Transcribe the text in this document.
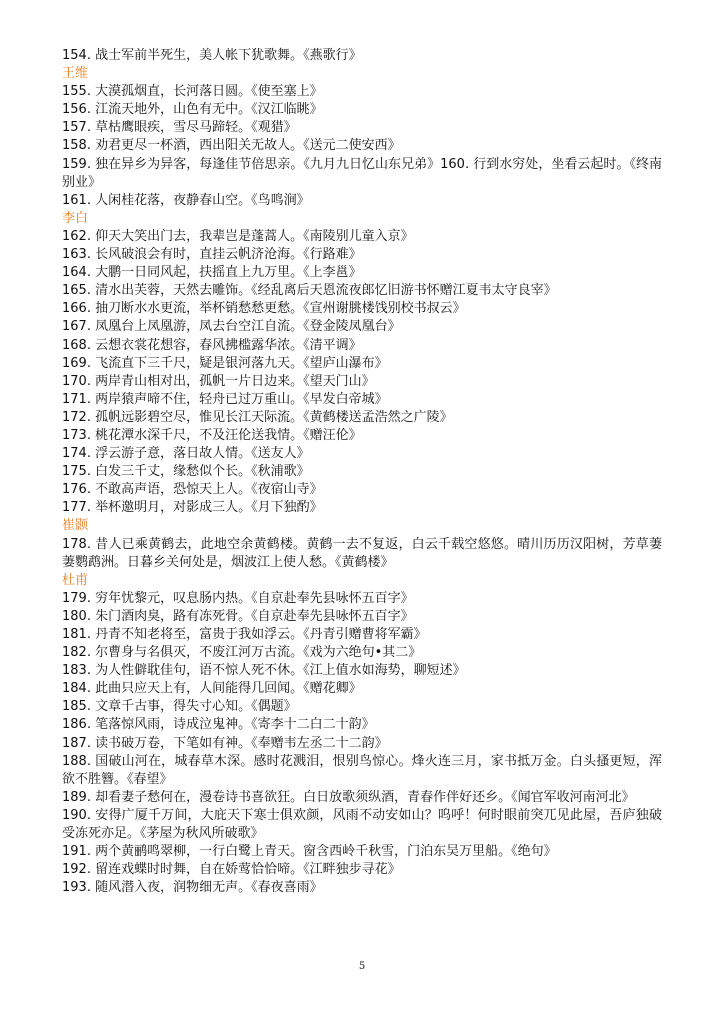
154. 战士军前半死生，美人帐下犹歌舞。《燕歌行》
王维
155. 大漠孤烟直，长河落日圆。《使至塞上》
156. 江流天地外，山色有无中。《汉江临眺》
157. 草枯鹰眼疾，雪尽马蹄轻。《观猎》
158. 劝君更尽一杯酒，西出阳关无故人。《送元二使安西》
159. 独在异乡为异客，每逢佳节倍思亲。《九月九日忆山东兄弟》160. 行到水穷处，坐看云起时。《终南别业》
161. 人闲桂花落，夜静春山空。《鸟鸣涧》
李白
162. 仰天大笑出门去，我辈岂是蓬蒿人。《南陵别儿童入京》
163. 长风破浪会有时，直挂云帆济沧海。《行路难》
164. 大鹏一日同风起，扶摇直上九万里。《上李邕》
165. 清水出芙蓉，天然去雕饰。《经乱离后天恩流夜郎忆旧游书怀赠江夏韦太守良宰》
166. 抽刀断水水更流，举杯销愁愁更愁。《宣州谢朓楼饯别校书叔云》
167. 凤凰台上凤凰游，凤去台空江自流。《登金陵凤凰台》
168. 云想衣裳花想容，春风拂槛露华浓。《清平调》
169. 飞流直下三千尺，疑是银河落九天。《望庐山瀑布》
170. 两岸青山相对出，孤帆一片日边来。《望天门山》
171. 两岸猿声啼不住，轻舟已过万重山。《早发白帝城》
172. 孤帆远影碧空尽，惟见长江天际流。《黄鹤楼送孟浩然之广陵》
173. 桃花潭水深千尺，不及汪伦送我情。《赠汪伦》
174. 浮云游子意，落日故人情。《送友人》
175. 白发三千丈，缘愁似个长。《秋浦歌》
176. 不敢高声语，恐惊天上人。《夜宿山寺》
177. 举杯邀明月，对影成三人。《月下独酌》
崔颢
178. 昔人已乘黄鹤去，此地空余黄鹤楼。黄鹤一去不复返，白云千载空悠悠。晴川历历汉阳树，芳草萋萋鹦鹉洲。日暮乡关何处是，烟波江上使人愁。《黄鹤楼》
杜甫
179. 穷年忧黎元，叹息肠内热。《自京赴奉先县咏怀五百字》
180. 朱门酒肉臭，路有冻死骨。《自京赴奉先县咏怀五百字》
181. 丹青不知老将至，富贵于我如浮云。《丹青引赠曹将军霸》
182. 尔曹身与名俱灭，不废江河万古流。《戏为六绝句•其二》
183. 为人性僻耽佳句，语不惊人死不休。《江上值水如海势，聊短述》
184. 此曲只应天上有，人间能得几回闻。《赠花卿》
185. 文章千古事，得失寸心知。《偶题》
186. 笔落惊风雨，诗成泣鬼神。《寄李十二白二十韵》
187. 读书破万卷，下笔如有神。《奉赠韦左丞二十二韵》
188. 国破山河在，城春草木深。感时花溅泪，恨别鸟惊心。烽火连三月，家书抵万金。白头搔更短，浑欲不胜簪。《春望》
189. 却看妻子愁何在，漫卷诗书喜欲狂。白日放歌须纵酒，青春作伴好还乡。《闻官军收河南河北》
190. 安得广厦千万间，大庇天下寒士俱欢颜，风雨不动安如山？呜呼！何时眼前突兀见此屋，吾庐独破受冻死亦足。《茅屋为秋风所破歌》
191. 两个黄鹂鸣翠柳，一行白鹭上青天。窗含西岭千秋雪，门泊东吴万里船。《绝句》
192. 留连戏蝶时时舞，自在娇莺恰恰啼。《江畔独步寻花》
193. 随风潜入夜，润物细无声。《春夜喜雨》
5
